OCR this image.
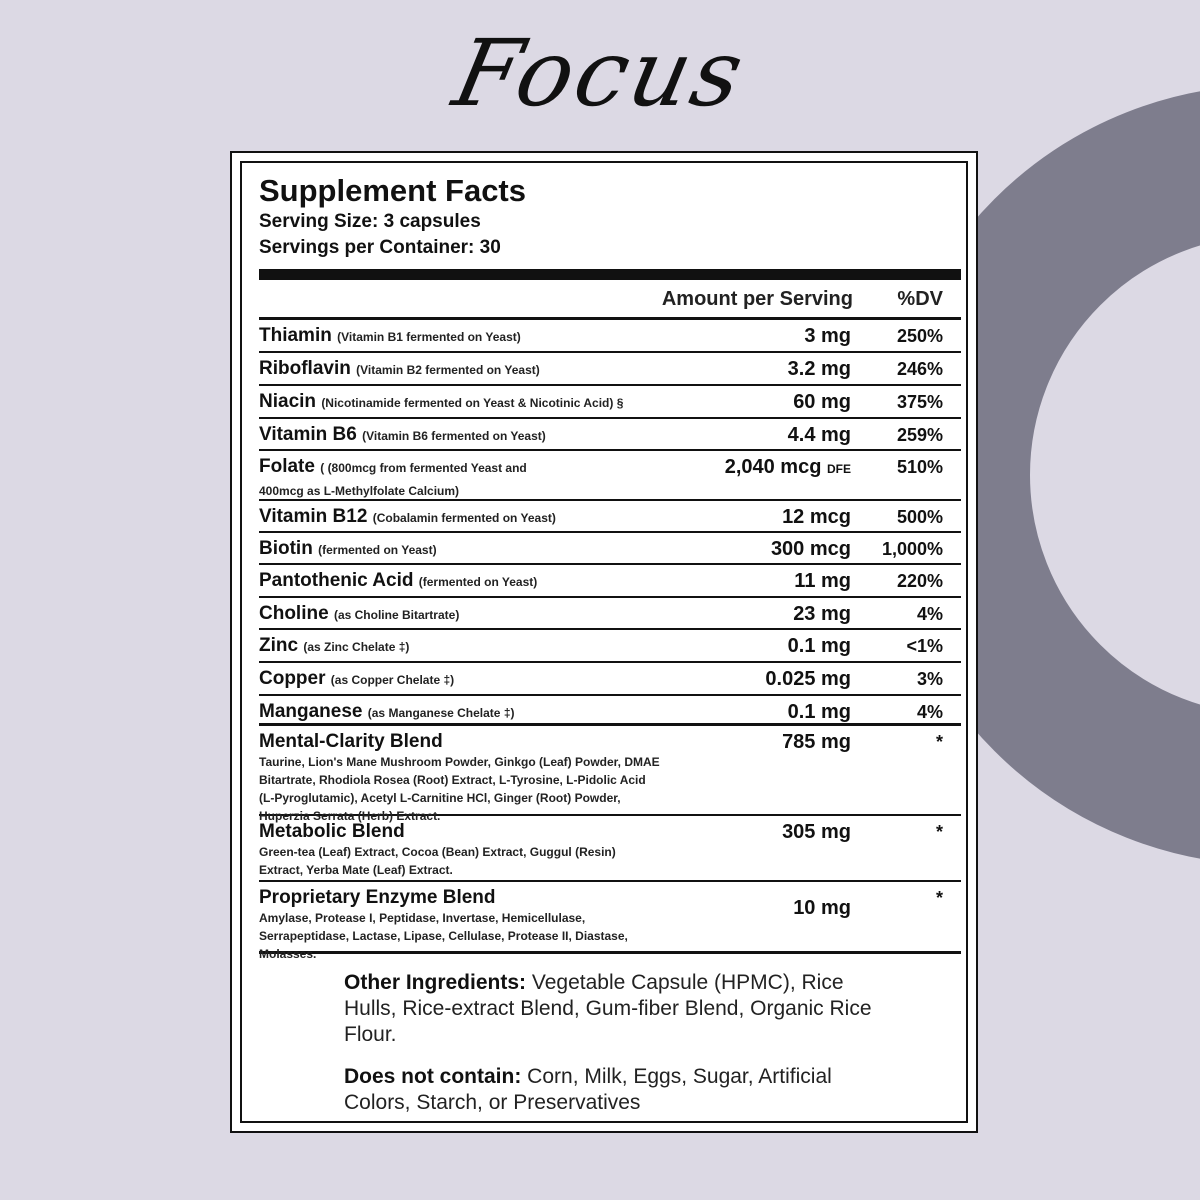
Focus
Supplement Facts
Serving Size: 3 capsules
Servings per Container: 30
Amount per Serving	%DV
Thiamin (Vitamin B1 fermented on Yeast)	3 mg	250%
Riboflavin (Vitamin B2 fermented on Yeast)	3.2 mg	246%
Niacin (Nicotinamide fermented on Yeast & Nicotinic Acid) §	60 mg	375%
Vitamin B6 (Vitamin B6 fermented on Yeast)	4.4 mg	259%
Folate ( (800mcg from fermented Yeast and
400mcg as L-Methylfolate Calcium)
2,040 mcg DFE	510%
Vitamin B12 (Cobalamin fermented on Yeast)	12 mcg	500%
Biotin (fermented on Yeast)	300 mcg	1,000%
Pantothenic Acid (fermented on Yeast)	11 mg	220%
Choline (as Choline Bitartrate)	23 mg	4%
Zinc (as Zinc Chelate ‡)	0.1 mg	<1%
Copper (as Copper Chelate ‡)	0.025 mg	3%
Manganese (as Manganese Chelate ‡)	0.1 mg	4%
Mental-Clarity Blend
Taurine, Lion's Mane Mushroom Powder, Ginkgo (Leaf) Powder, DMAE Bitartrate, Rhodiola Rosea (Root) Extract, L-Tyrosine, L-Pidolic Acid (L-Pyroglutamic), Acetyl L-Carnitine HCl, Ginger (Root) Powder, Huperzia Serrata (Herb) Extract.
785 mg	*
Metabolic Blend
Green-tea (Leaf) Extract, Cocoa (Bean) Extract, Guggul (Resin) Extract, Yerba Mate (Leaf) Extract.
305 mg	*
Proprietary Enzyme Blend
Amylase, Protease I, Peptidase, Invertase, Hemicellulase, Serrapeptidase, Lactase, Lipase, Cellulase, Protease II, Diastase, Molasses.
10 mg	*

Other Ingredients: Vegetable Capsule (HPMC), Rice Hulls, Rice-extract Blend, Gum-fiber Blend, Organic Rice Flour.

Does not contain: Corn, Milk, Eggs, Sugar, Artificial Colors, Starch, or Preservatives
